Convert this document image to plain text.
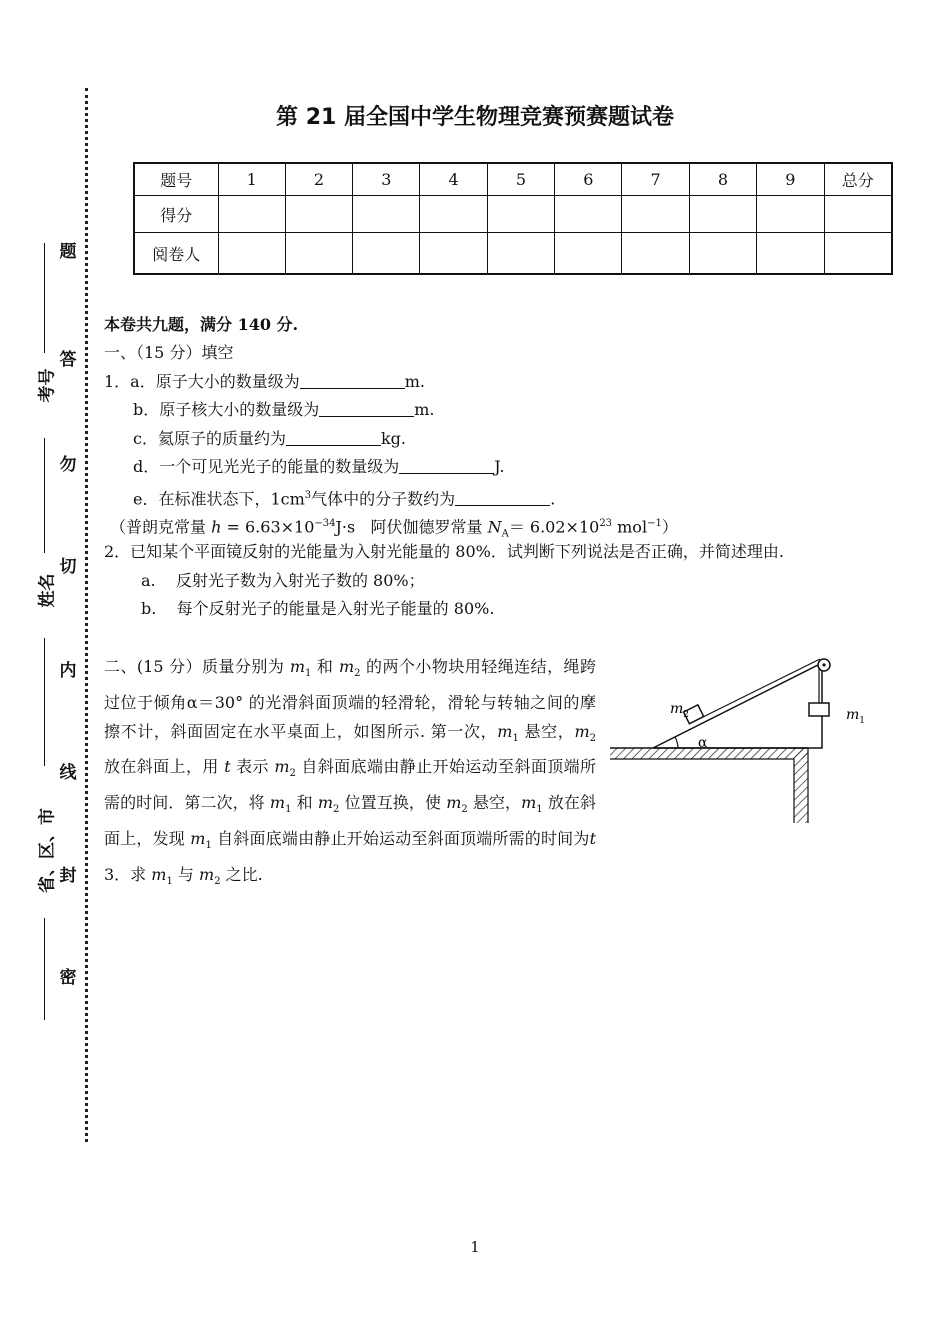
题
答
勿
切
内
线
封
密
考号
姓名
省、区、市
第 21 届全国中学生物理竞赛预赛题试卷
题号	1	2	3	4	5	6	7	8	9	总分
得分										
阅卷人										
本卷共九题，满分 140 分.
一、（15 分）填空
1．a．原子大小的数量级为	m.
b．原子核大小的数量级为	m.
c．氦原子的质量约为	kg.
d．一个可见光光子的能量的数量级为	J.
e．在标准状态下，$1cm^3$气体中的分子数约为	.
（普朗克常量 $h = 6.63\times 10^{-34}J\cdot s$ 阿伏伽德罗常量 $N_A= 6.02\times 10^{23}$ mol$^{-1}$）
2．已知某个平面镜反射的光能量为入射光能量的 80%．试判断下列说法是否正确，并简述理由.
a. 反射光子数为入射光子数的 80%；
b. 每个反射光子的能量是入射光子能量的 80%.
二、(15 分）质量分别为 $m_1$ 和 $m_2$ 的两个小物块用轻绳连结，绳跨过位于倾角α＝30° 的光滑斜面顶端的轻滑轮，滑轮与转轴之间的摩擦不计，斜面固定在水平桌面上，如图所示. 第一次，$m_1$ 悬空，$m_2$ 放在斜面上，用 t 表示 $m_2$ 自斜面底端由静止开始运动至斜面顶端所需的时间．第二次，将 $m_1$ 和 $m_2$ 位置互换，使 $m_2$ 悬空，$m_1$ 放在斜面上，发现 $m_1$ 自斜面底端由静止开始运动至斜面顶端所需的时间为t 3．求 $m_1$ 与 $m_2$ 之比.
$m_2$	$m_1$
α
1
